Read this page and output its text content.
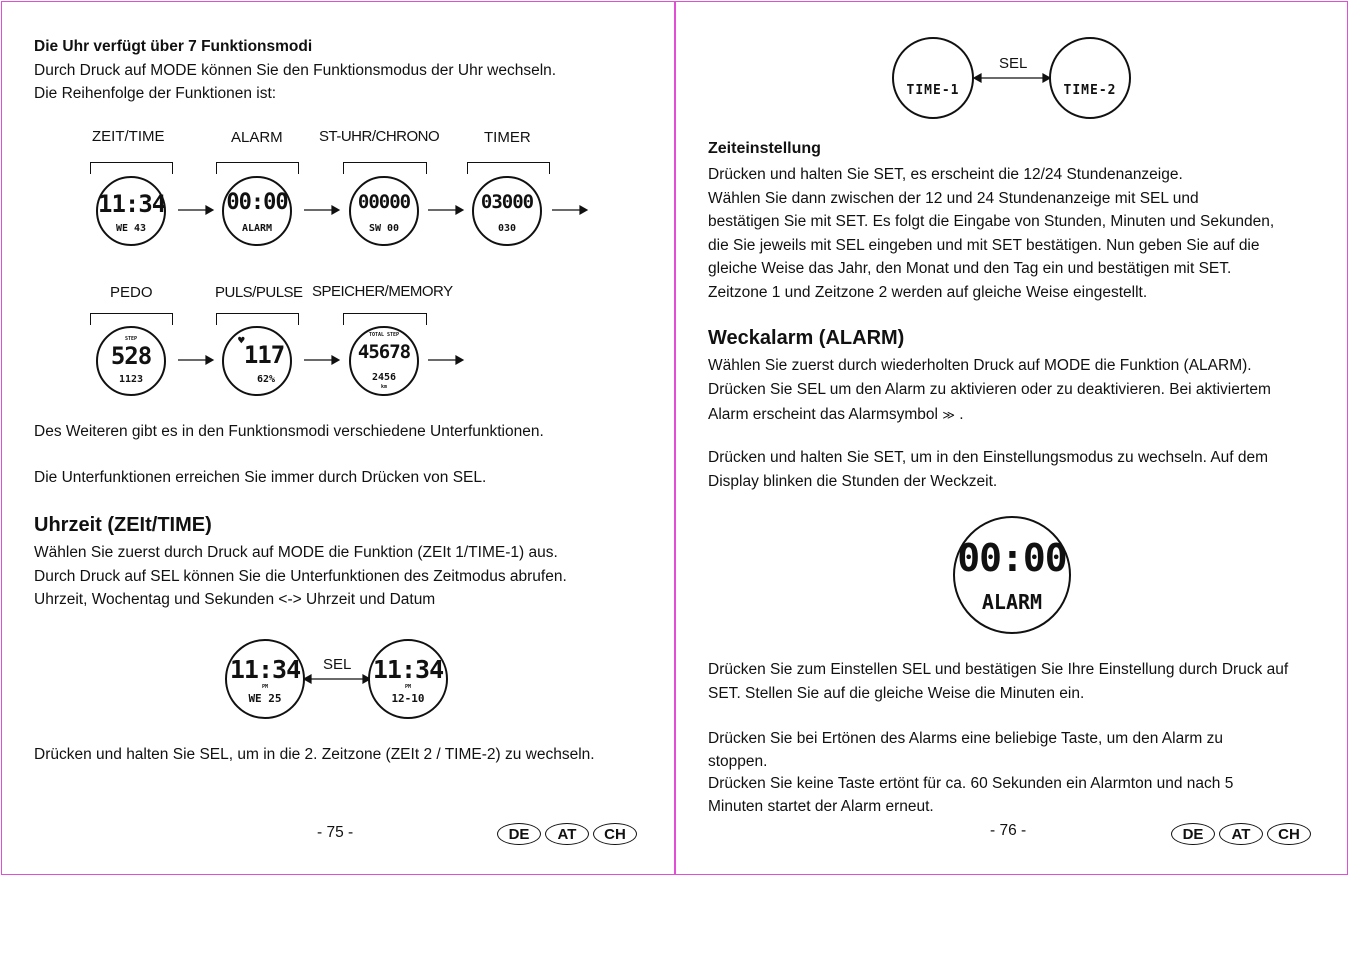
Die Uhr verfügt über 7 Funktionsmodi
Durch Druck auf MODE können Sie den Funktionsmodus der Uhr wechseln.
Die Reihenfolge der Funktionen ist:
ZEIT/TIME	ALARM ST-UHR/CHRONO	TIMER
11:34
WE 43
00:00
ALARM
00000
SW 00
03000
030
PEDO	PULS/PULSE SPEICHER/MEMORY
STEP
528
1123
♥
117
62%
TOTAL STEP
45678
2456
km
Des Weiteren gibt es in den Funktionsmodi verschiedene Unterfunktionen.
Die Unterfunktionen erreichen Sie immer durch Drücken von SEL.
Uhrzeit (ZEIt/TIME)
Wählen Sie zuerst durch Druck auf MODE die Funktion (ZEIt 1/TIME-1) aus.
Durch Druck auf SEL können Sie die Unterfunktionen des Zeitmodus abrufen.
Uhrzeit, Wochentag und Sekunden <-> Uhrzeit und Datum
11:34
PM
WE 25
SEL 11:34
PM
12-10
Drücken und halten Sie SEL, um in die 2. Zeitzone (ZEIt 2 / TIME-2) zu wechseln.
- 75 -	DE	AT	CH
TIME-1
SEL
TIME-2
Zeiteinstellung
Drücken und halten Sie SET, es erscheint die 12/24 Stundenanzeige.
Wählen Sie dann zwischen der 12 und 24 Stundenanzeige mit SEL und
bestätigen Sie mit SET. Es folgt die Eingabe von Stunden, Minuten und Sekunden,
die Sie jeweils mit SEL eingeben und mit SET bestätigen. Nun geben Sie auf die
gleiche Weise das Jahr, den Monat und den Tag ein und bestätigen mit SET.
Zeitzone 1 und Zeitzone 2 werden auf gleiche Weise eingestellt.
Weckalarm (ALARM)
Wählen Sie zuerst durch wiederholten Druck auf MODE die Funktion (ALARM).
Drücken Sie SEL um den Alarm zu aktivieren oder zu deaktivieren. Bei aktiviertem
Alarm erscheint das Alarmsymbol ≫ .
Drücken und halten Sie SET, um in den Einstellungsmodus zu wechseln. Auf dem
Display blinken die Stunden der Weckzeit.
00:00
ALARM
Drücken Sie zum Einstellen SEL und bestätigen Sie Ihre Einstellung durch Druck auf
SET. Stellen Sie auf die gleiche Weise die Minuten ein.
Drücken Sie bei Ertönen des Alarms eine beliebige Taste, um den Alarm zu
stoppen.
Drücken Sie keine Taste ertönt für ca. 60 Sekunden ein Alarmton und nach 5
Minuten startet der Alarm erneut.
- 76 -	DE	AT	CH
